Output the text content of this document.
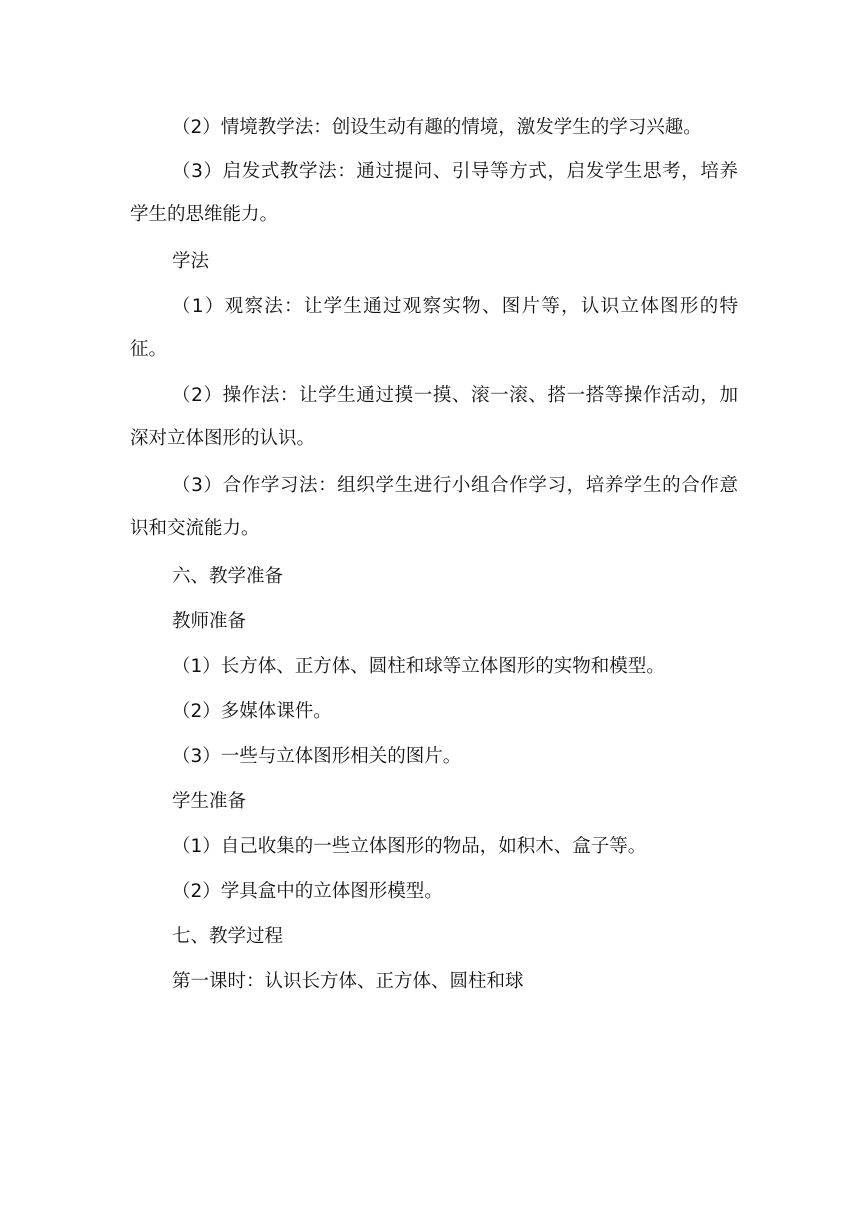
（2）情境教学法：创设生动有趣的情境，激发学生的学习兴趣。

（3）启发式教学法：通过提问、引导等方式，启发学生思考，培养学生的思维能力。

学法

（1）观察法：让学生通过观察实物、图片等，认识立体图形的特征。

（2）操作法：让学生通过摸一摸、滚一滚、搭一搭等操作活动，加深对立体图形的认识。

（3）合作学习法：组织学生进行小组合作学习，培养学生的合作意识和交流能力。

六、教学准备

教师准备

（1）长方体、正方体、圆柱和球等立体图形的实物和模型。

（2）多媒体课件。

（3）一些与立体图形相关的图片。

学生准备

（1）自己收集的一些立体图形的物品，如积木、盒子等。

（2）学具盒中的立体图形模型。

七、教学过程

第一课时：认识长方体、正方体、圆柱和球
